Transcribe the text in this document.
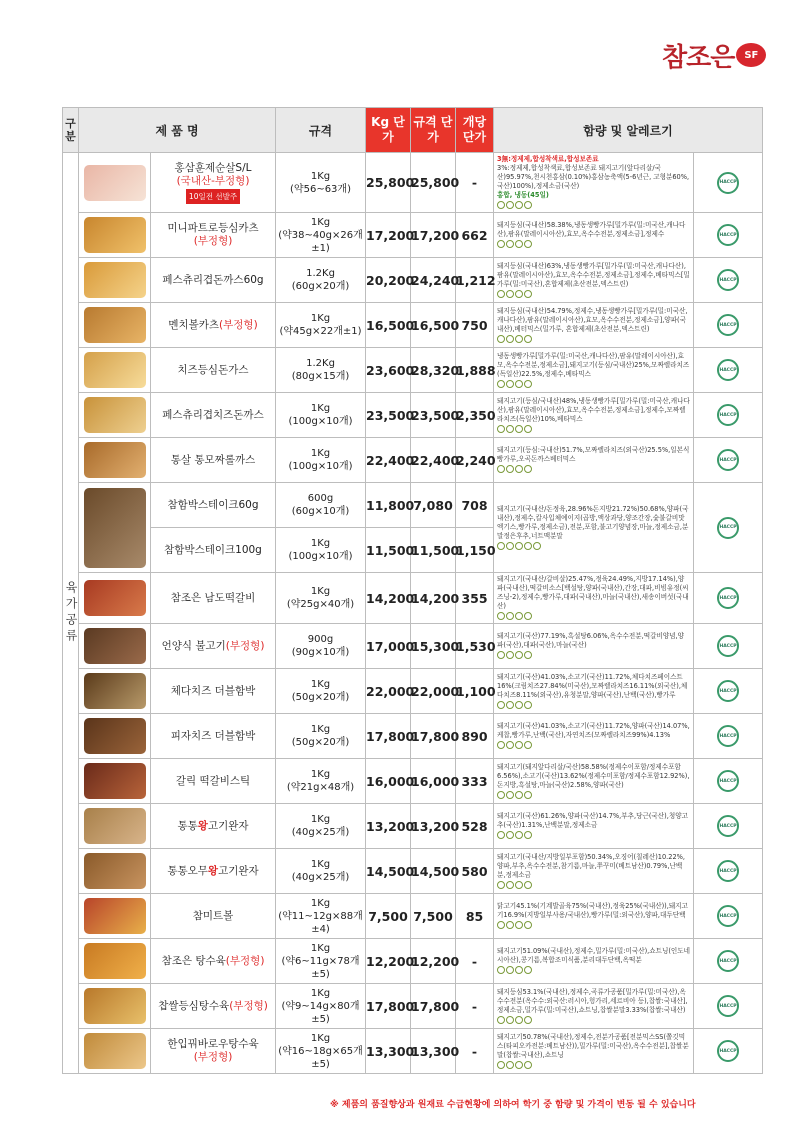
참조은 SF
구분	제 품 명		규격	Kg 단가	규격 단가	개당 단가	함량 및 알레르기	

육가공류		홍삼훈제순살S/L
(국내산-부정형)
10일전 선발주	1Kg
(약56~63개)	25,800	25,800	-	3無:정제제,합성착색료,합성보존료
3%:정제제,합성착색료,합성보존료 돼지고기(앞다리살/국산)95.97%,천시천홍삼(0.10%)홍삼농축액(5-6년근, 고형분60%,국산)100%),정제소금(국산)
홍합, 냉동(45일)	HACCP

		미니파트로등심카츠
(부정형)	1Kg
(약38~40g×26개±1)	17,200	17,200	662	돼지등심(국내산)58.38%,냉동생빵가루[밀가루(밀:미국산,캐나다산),팜유(말레이시아산),효모,옥수수전분,정제소금],정제수	HACCP

		페스츄리겹돈까스60g	1.2Kg
(60g×20개)	20,200	24,240	1,212	돼지등심(국내산)63%,냉동생빵가루[밀가루(밀:미국산,캐나다산),팜유(말레이시아산),효모,옥수수전분,정제소금],정제수,베타믹스[밀가루(밀:미국산),혼합제제(초산전분,덱스트린)	HACCP

		멘치볼카츠(부정형)	1Kg
(약45g×22개±1)	16,500	16,500	750	돼지등심(국내산)54.79%,정제수,냉동생빵가루[밀가루(밀:미국산,캐나다산),팜유(말레이시아산),효모,옥수수전분,정제소금],양파(국내산),베터믹스(밀가루, 혼합제제(초산전분,덱스트린)	HACCP

		치즈등심돈가스	1.2Kg
(80g×15개)	23,600	28,320	1,888	냉동생빵가루[밀가루(밀:미국산,캐나다산),팜유(말레이시아산),효모,옥수수전분,정제소금],돼지고기(등심/국내산)25%,모짜렐라치즈(독일산)22.5%,정제수,베타믹스	HACCP

		페스츄리겹치즈돈까스	1Kg
(100g×10개)	23,500	23,500	2,350	돼지고기(등심/국내산)48%,냉동생빵가루[밀가루(밀:미국산,캐나다산),팜유(말레이시아산),효모,옥수수전분,정제소금],정제수,모짜렐라치즈(독일산)10%,베타믹스	HACCP

		통살 통모짜롤까스	1Kg
(100g×10개)	22,400	22,400	2,240	돼지고기(등심:국내산)51.7%,모짜렐라치즈(외국산)25.5%,일본식빵가루,오곡돈까스베터믹스	HACCP

		참함박스테이크60g	600g
(60g×10개)	11,800	7,080	708	돼지고기(국내산/돈정육,28.96%돈지방21.72%)50.68%,양파(국내산),정제수,칼사입체예이지(곱방,액상과당,양조간장,숯불갈비맛엑기스,빵가루,정제소금),전분,포함,불고기양념장,마늘,정제소금,분말정은후추,너트맥분말	HACCP

		참함박스테이크100g	1Kg
(100g×10개)	11,500	11,500	1,150		

		참조은 남도떡갈비	1Kg
(약25g×40개)	14,200	14,200	355	돼지고기(국내산/갈비살)25.47%,정육24.49%,지방17.14%),양파(국내산),떡갈비소스[백설탕,양파(국내산),간장,대파,비빔유정(씨즈닝-2),정제수,빵가루,대파(국내산),마늘(국내산),새송이버섯(국내산)	HACCP

		언양식 불고기(부정형)	900g
(90g×10개)	17,000	15,300	1,530	돼지고기(국산)77.19%,흑설탕6.06%,옥수수전분,떡갈비양념,양파(국산),대파(국산),마늘(국산)	HACCP

		체다치즈 더블함박	1Kg
(50g×20개)	22,000	22,000	1,100	돼지고기(국산)41.03%,소고기(국산)11.72%,체다치즈페이스트16%(크림치즈27.84%(미국산),모짜렐라치즈16.11%(외국산),체다치즈8.11%(외국산),유청분말,양파(국산),난백(국산),빵가루	HACCP

		피자치즈 더블함박	1Kg
(50g×20개)	17,800	17,800	890	돼지고기(국산)41.03%,소고기(국산)11.72%,양파(국산)14.07%,케찹,빵가루,난백(국산),자연치즈(모짜렐라치즈99%)4.13%	HACCP

		갈릭 떡갈비스틱	1Kg
(약21g×48개)	16,000	16,000	333	돼지고기(돼지앞다리살/국산)58.58%(정제수이포함/정제수포함6.56%),소고기(국산)13.62%(정제수미포함/정제수포함12.92%),돈지방,흑설탕,마늘(국산)2.58%,양파(국산)	HACCP

		통통왕고기완자	1Kg
(40g×25개)	13,200	13,200	528	돼지고기(국산)61.26%,양파(국산)14.7%,부추,당근(국산),청양고추(국산)1.31%,난백분말,정제소금	HACCP

		통통오무왕고기완자	1Kg
(40g×25개)	14,500	14,500	580	돼지고기(국내산/지방일부포함)50.34%,오징어(칠레산)10.22%,양파,부추,옥수수전분,참기름,마늘,쭈꾸미(베트남산)0.79%,난백분,정제소금	HACCP

		참미트볼	1Kg
(약11~12g×88개±4)	7,500	7,500	85	닭고기45.1%(기계발골육75%(국내산),정육25%(국내산)),돼지고기16.9%(지방일부사용/국내산),빵가루(밀:외국산),양파,대두단백	HACCP

		참조은 탕수육(부정형)	1Kg
(약6~11g×78개±5)	12,200	12,200	-	돼지고기51.09%(국내산),정제수,밀가루(밀:미국산),쇼트닝(인도네시아산),콩기름,복합조미식품,분리대두단백,옥떡분	HACCP

		찹쌀등심탕수육(부정형)	1Kg
(약9~14g×80개±5)	17,800	17,800	-	돼지등심53.1%(국내산),정제수,곡류가공품[밀가루(밀:미국산),옥수수전분(옥수수:외국산:러시아,헝가리,세르비아 등),찹쌀:국내산],정제소금,밀가루(밀:미국산),쇼트닝,찹쌀분말3.33%(찹쌀:국내산)	HACCP

		한입꿔바로우탕수육
(부정형)	1Kg
(약16~18g×65개±5)	13,300	13,300	-	돼지고기50.78%(국내산),정제수,전분가공품[전분믹스SS(쫄깃믹스(타피오카전분:베트남산)),밀가루(밀:미국산),옥수수전분],찹쌀분말(찹쌀:국내산),쇼트닝	HACCP
※ 제품의 품질향상과 원재료 수급현황에 의하여 학기 중 함량 및 가격이 변동 될 수 있습니다
